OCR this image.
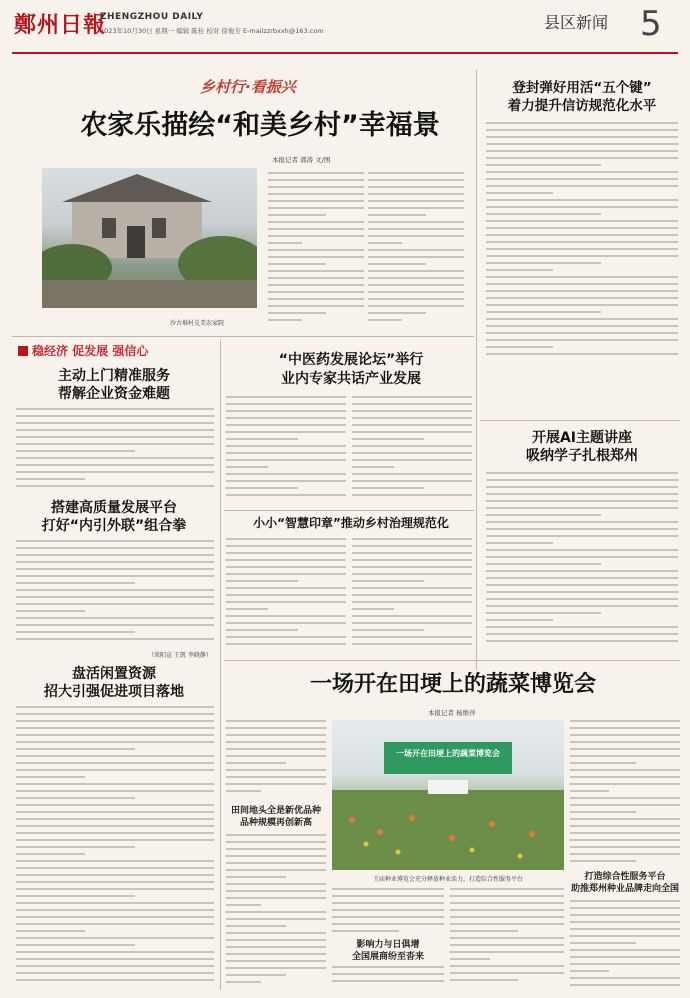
鄭州日報
ZHENGZHOU DAILY
2023年10月30日 星期一 编辑 陈桂 校对 徐俊芳 E-mailzzrbxxh@163.com	县区新闻 5
乡村行·看振兴
农家乐描绘“和美乡村”幸福景
本报记者 郭涛 文/图
沙古堆村兑美农家院
登封弹好用活“五个键”
着力提升信访规范化水平
稳经济 促发展 强信心
主动上门精准服务
帮解企业资金难题
搭建高质量发展平台
打好“内引外联”组合拳
（荥阳宣 王凯 李晓静）
盘活闲置资源
招大引强促进项目落地
“中医药发展论坛”举行
业内专家共话产业发展
小小“智慧印章”推动乡村治理规范化
开展AI主题讲座
吸纳学子扎根郑州
一场开在田埂上的蔬菜博览会
本报记者 杨维萍
田间地头全是新优品种
品种规模再创新高
一场开在田埂上的蔬菜博览会
王庙种业博览会充分释放种业活力，打造综合性服务平台
影响力与日俱增
全国展商纷至沓来
打造综合性服务平台
助推郑州种业品牌走向全国
